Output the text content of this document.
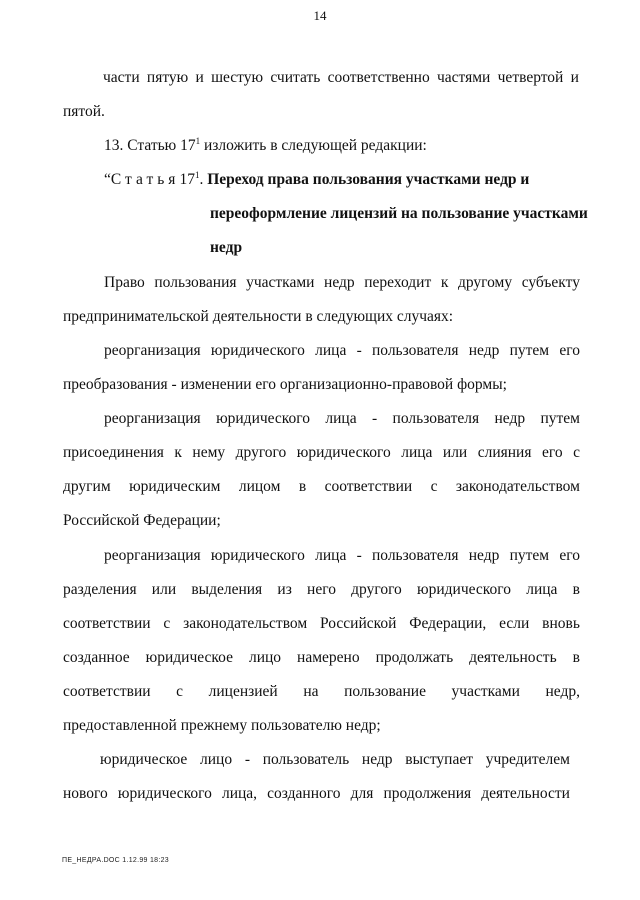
14
части пятую и шестую считать соответственно частями четвертой и
пятой.
13. Статью $17^1$ изложить в следующей редакции:
“$Статья17^1$. Переход права пользования участками недр и
переоформление лицензий на пользование участками
недр
Право пользования участками недр переходит к другому субъекту
предпринимательской деятельности в следующих случаях:
реорганизация юридического лица - пользователя недр путем его
преобразования - изменении его организационно-правовой формы;
реорганизация юридического лица - пользователя недр путем
присоединения к нему другого юридического лица или слияния его с
другим юридическим лицом в соответствии с законодательством
Российской Федерации;
реорганизация юридического лица - пользователя недр путем его
разделения или выделения из него другого юридического лица в
соответствии с законодательством Российской Федерации, если вновь
созданное юридическое лицо намерено продолжать деятельность в
соответствии с лицензией на пользование участками недр,
предоставленной прежнему пользователю недр;
юридическое лицо - пользователь недр выступает учредителем
нового юридического лица, созданного для продолжения деятельности
ПЕ_НЕДРА.DOC 1.12.99 18:23
